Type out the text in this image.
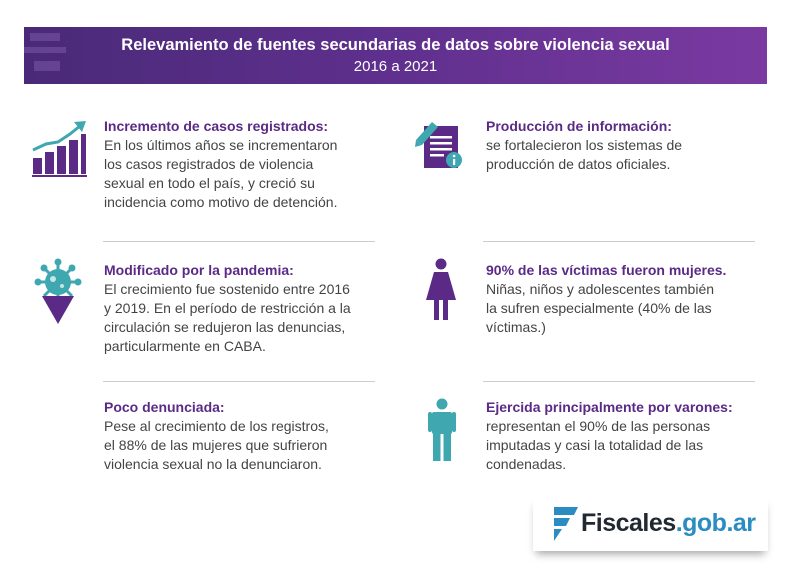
Relevamiento de fuentes secundarias de datos sobre violencia sexual
2016 a 2021
Incremento de casos registrados:
En los últimos años se incrementaron
los casos registrados de violencia
sexual en todo el país, y creció su
incidencia como motivo de detención.
Producción de información:
se fortalecieron los sistemas de
producción de datos oficiales.
Modificado por la pandemia:
El crecimiento fue sostenido entre 2016
y 2019. En el período de restricción a la
circulación se redujeron las denuncias,
particularmente en CABA.
90% de las víctimas fueron mujeres.
Niñas, niños y adolescentes también
la sufren especialmente (40% de las
víctimas.)
Poco denunciada:
Pese al crecimiento de los registros,
el 88% de las mujeres que sufrieron
violencia sexual no la denunciaron.
Ejercida principalmente por varones:
representan el 90% de las personas
imputadas y casi la totalidad de las
condenadas.
Fiscales.gob.ar
